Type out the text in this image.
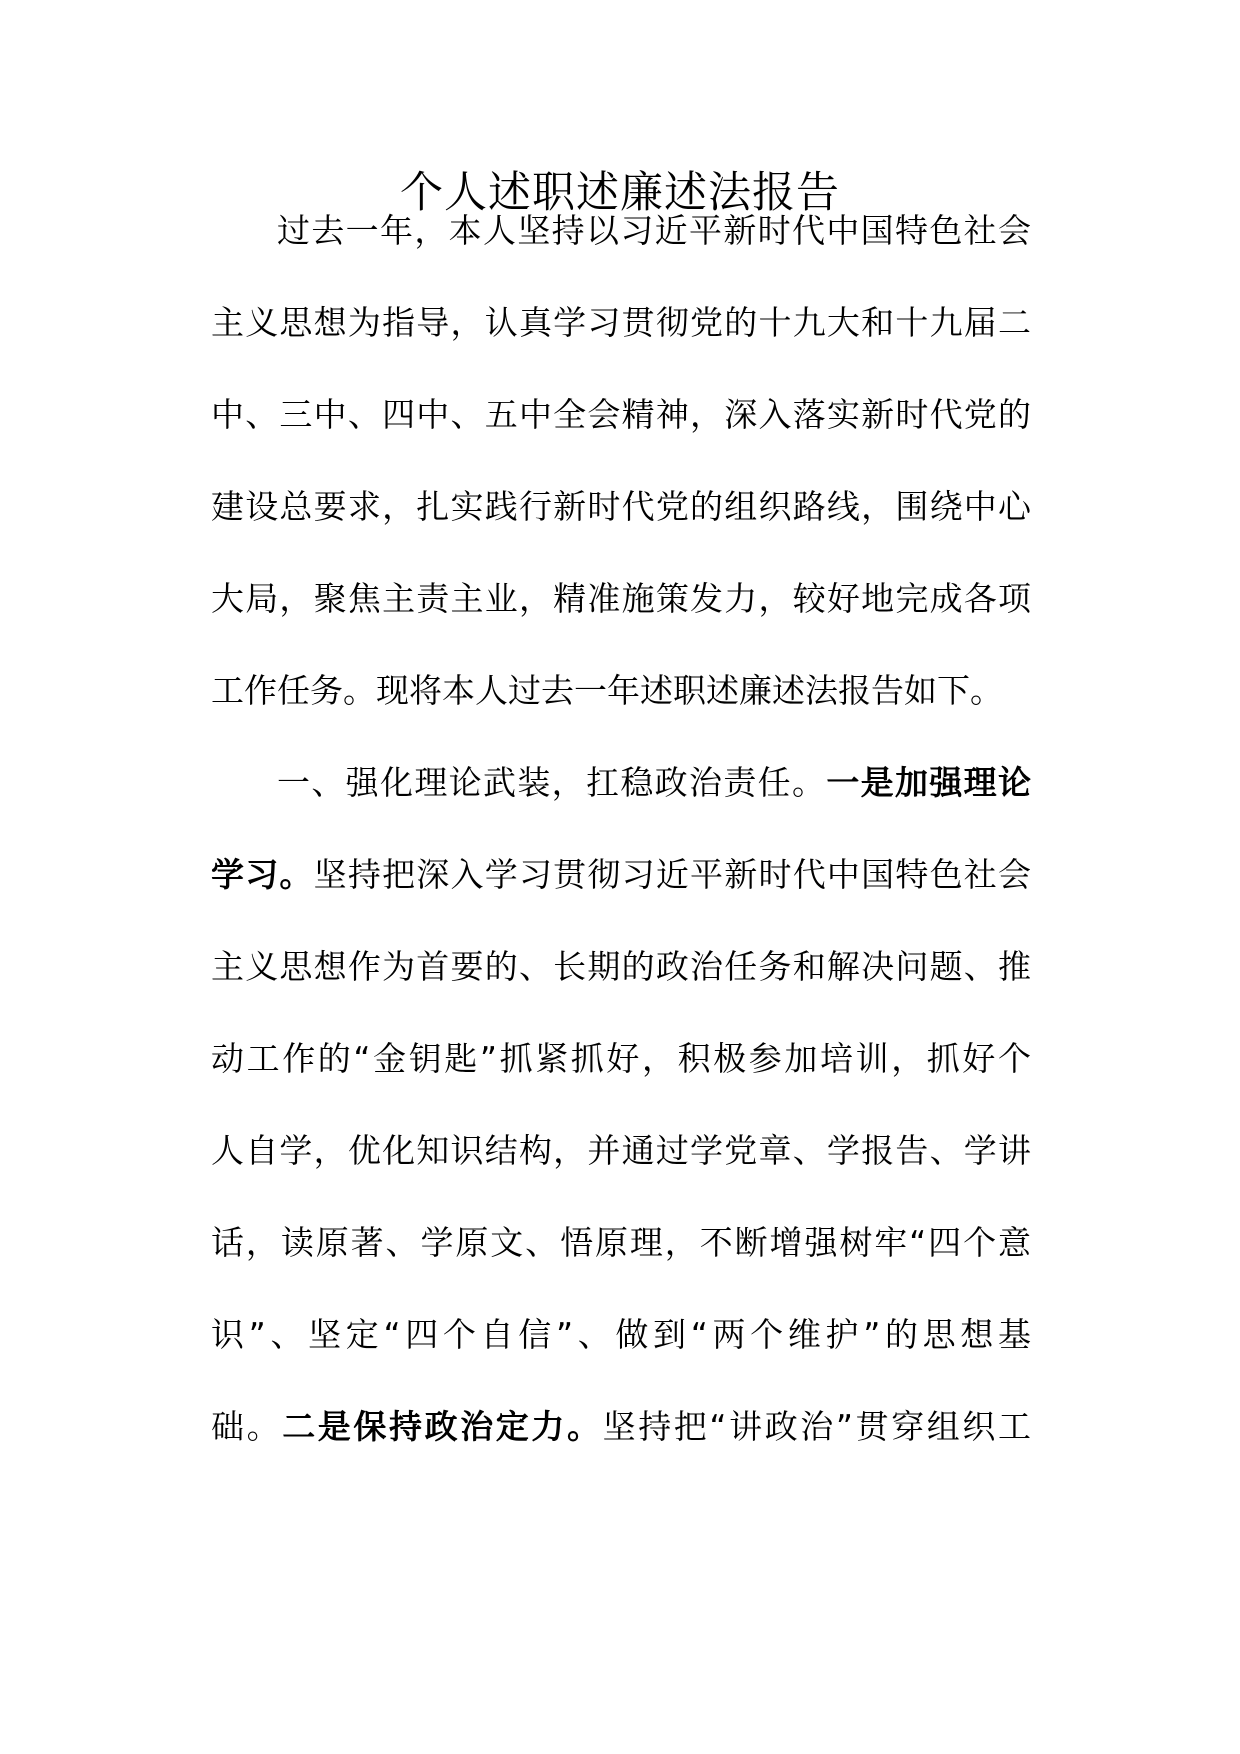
个人述职述廉述法报告

过去一年，本人坚持以习近平新时代中国特色社会

主义思想为指导，认真学习贯彻党的十九大和十九届二

中、三中、四中、五中全会精神，深入落实新时代党的

建设总要求，扎实践行新时代党的组织路线，围绕中心

大局，聚焦主责主业，精准施策发力，较好地完成各项

工作任务。现将本人过去一年述职述廉述法报告如下。

一、强化理论武装，扛稳政治责任。一是加强理论

学习。坚持把深入学习贯彻习近平新时代中国特色社会

主义思想作为首要的、长期的政治任务和解决问题、推

动工作的“金钥匙”抓紧抓好，积极参加培训，抓好个

人自学，优化知识结构，并通过学党章、学报告、学讲

话，读原著、学原文、悟原理，不断增强树牢“四个意

识”、坚定“四个自信”、做到“两个维护”的思想基

础。二是保持政治定力。坚持把“讲政治”贯穿组织工
